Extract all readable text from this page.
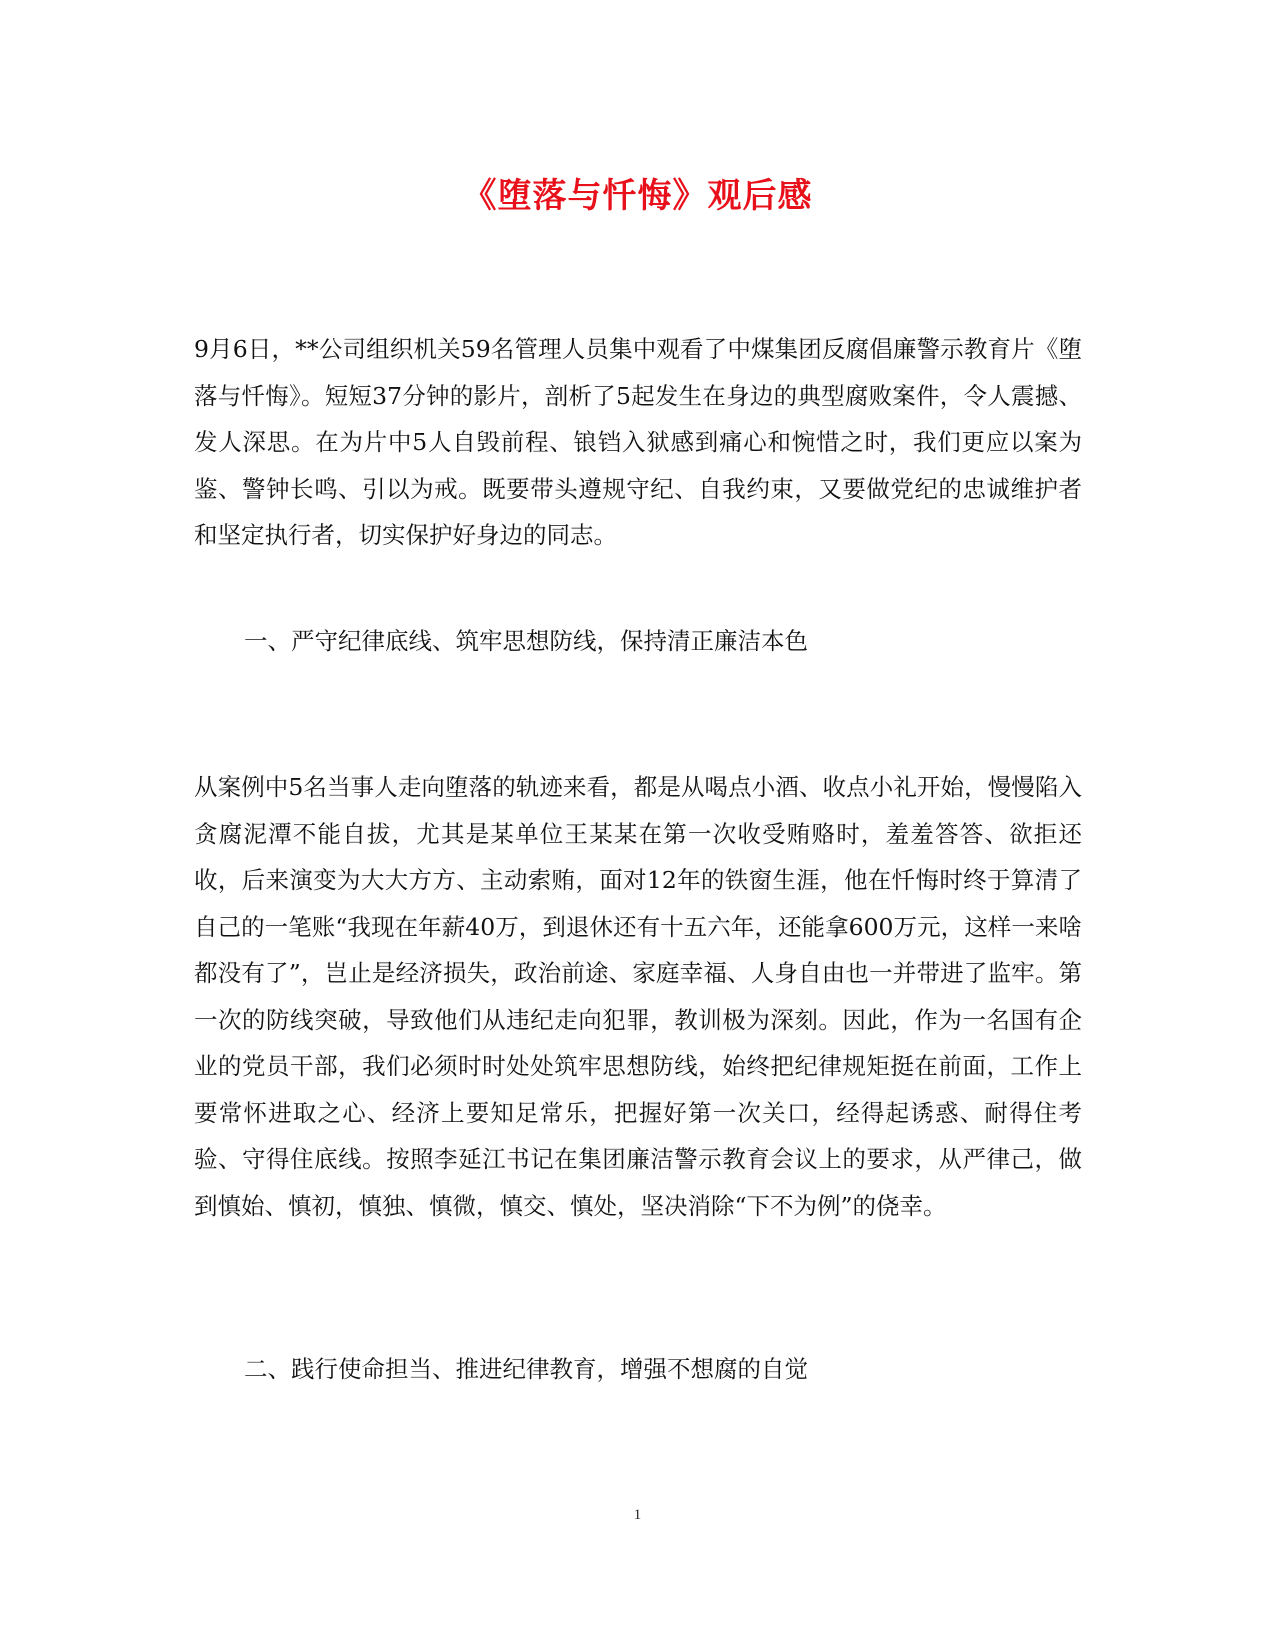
《堕落与忏悔》观后感

9月6日，**公司组织机关59名管理人员集中观看了中煤集团反腐倡廉警示教育片《堕落与忏悔》。短短37分钟的影片，剖析了5起发生在身边的典型腐败案件，令人震撼、发人深思。在为片中5人自毁前程、锒铛入狱感到痛心和惋惜之时，我们更应以案为鉴、警钟长鸣、引以为戒。既要带头遵规守纪、自我约束，又要做党纪的忠诚维护者和坚定执行者，切实保护好身边的同志。

一、严守纪律底线、筑牢思想防线，保持清正廉洁本色

从案例中5名当事人走向堕落的轨迹来看，都是从喝点小酒、收点小礼开始，慢慢陷入贪腐泥潭不能自拔，尤其是某单位王某某在第一次收受贿赂时，羞羞答答、欲拒还收，后来演变为大大方方、主动索贿，面对12年的铁窗生涯，他在忏悔时终于算清了自己的一笔账“我现在年薪40万，到退休还有十五六年，还能拿600万元，这样一来啥都没有了”，岂止是经济损失，政治前途、家庭幸福、人身自由也一并带进了监牢。第一次的防线突破，导致他们从违纪走向犯罪，教训极为深刻。因此，作为一名国有企业的党员干部，我们必须时时处处筑牢思想防线，始终把纪律规矩挺在前面，工作上要常怀进取之心、经济上要知足常乐，把握好第一次关口，经得起诱惑、耐得住考验、守得住底线。按照李延江书记在集团廉洁警示教育会议上的要求，从严律己，做到慎始、慎初，慎独、慎微，慎交、慎处，坚决消除“下不为例”的侥幸。

二、践行使命担当、推进纪律教育，增强不想腐的自觉
1
